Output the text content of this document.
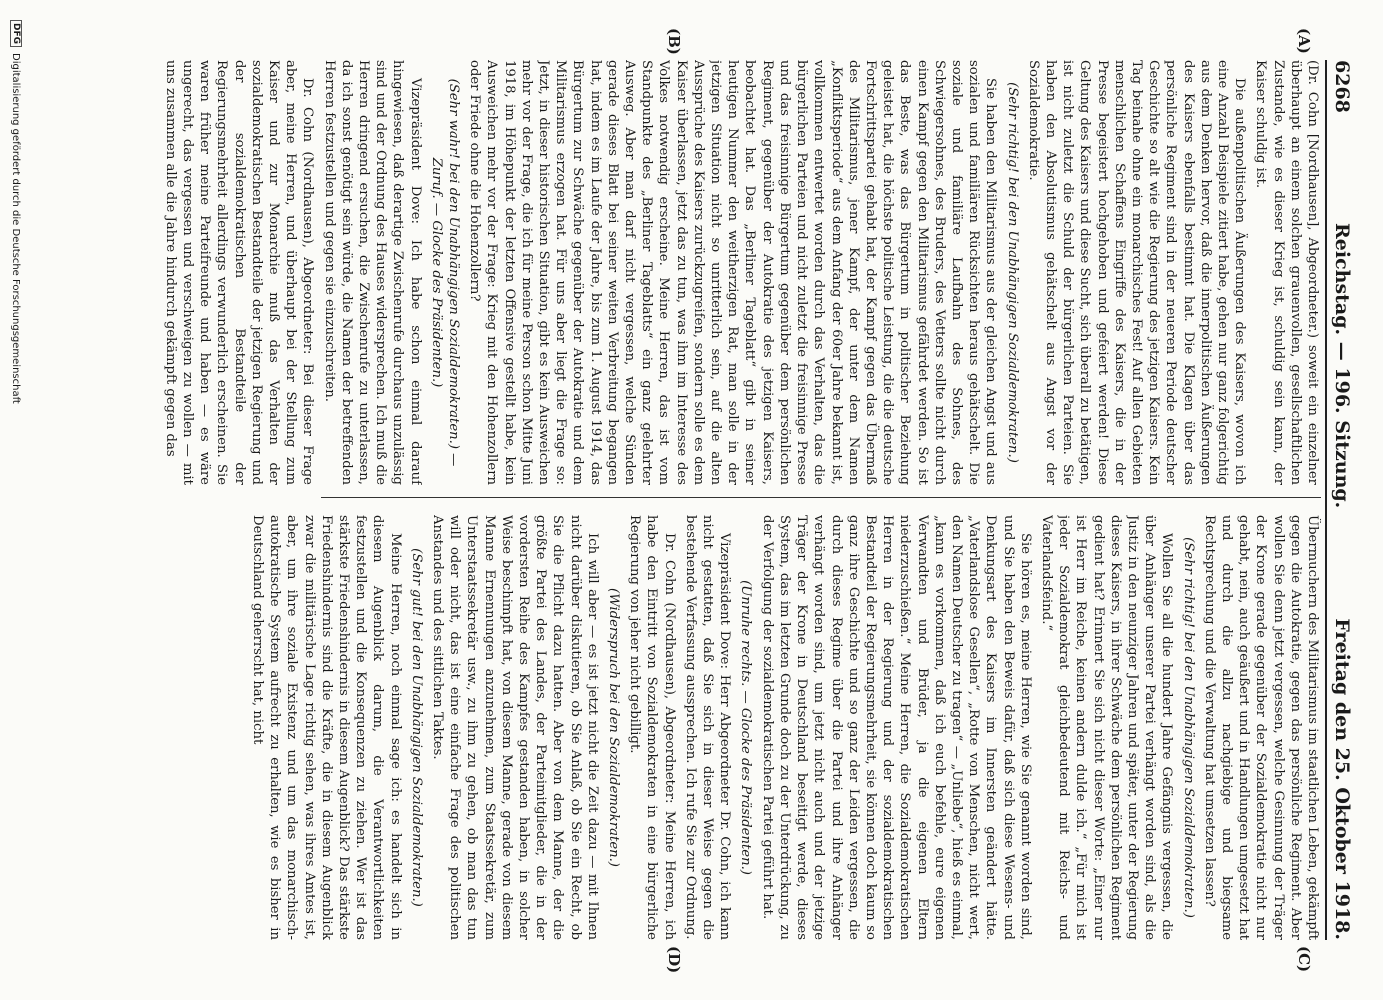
6268
Reichstag. — 196. Sitzung.
Freitag den 25. Oktober 1918.
(A)
(B)
(C)
(D)

(Dr. Cohn [Nordhausen], Abgeordneter.) soweit ein einzelner überhaupt an einem solchen grauenvollen, gesellschaftlichen Zustande, wie es dieser Krieg ist, schuldig sein kann, der Kaiser schuldig ist.

Die außenpolitischen Äußerungen des Kaisers, wovon ich eine Anzahl Beispiele zitiert habe, gehen nur ganz folgerichtig aus dem Denken hervor, daß die innerpolitischen Äußerungen des Kaisers ebenfalls bestimmt hat. Die Klagen über das persönliche Regiment sind in der neueren Periode deutscher Geschichte so alt wie die Regierung des jetzigen Kaisers. Kein Tag beinahe ohne ein monarchisches Fest! Auf allen Gebieten menschlichen Schaffens Eingriffe des Kaisers, die in der Presse begeistert hochgehoben und gefeiert werden! Diese Geltung des Kaisers und diese Sucht, sich überall zu betätigen, ist nicht zuletzt die Schuld der bürgerlichen Parteien. Sie haben den Absolutismus gehätschelt aus Angst vor der Sozialdemokratie.

(Sehr richtig! bei den Unabhängigen Sozialdemokraten.)

Sie haben den Militarismus aus der gleichen Angst und aus sozialen und familiären Rücksichten heraus gehätschelt. Die soziale und familiäre Laufbahn des Sohnes, des Schwiegersohnes, des Bruders, des Vetters sollte nicht durch einen Kampf gegen den Militarismus gefährdet werden. So ist das Beste, was das Bürgertum in politischer Beziehung geleistet hat, die höchste politische Leistung, die die deutsche Fortschrittspartei gehabt hat, der Kampf gegen das Übermaß des Militarismus, jener Kampf, der unter dem Namen „Konfliktsperiode“ aus dem Anfang der 60er Jahre bekannt ist, vollkommen entwertet worden durch das Verhalten, das die bürgerlichen Parteien und nicht zuletzt die freisinnige Presse und das freisinnige Bürgertum gegenüber dem persönlichen Regiment, gegenüber der Autokratie des jetzigen Kaisers, beobachtet hat. Das „Berliner Tageblatt“ gibt in seiner heutigen Nummer den weitherzigen Rat, man solle in der jetzigen Situation nicht so unritterlich sein, auf die alten Aussprüche des Kaisers zurückzugreifen, sondern solle es dem Kaiser überlassen, jetzt das zu tun, was ihm im Interesse des Volkes notwendig erscheine. Meine Herren, das ist vom Standpunkte des „Berliner Tageblatts“ ein ganz gelehrter Ausweg. Aber man darf nicht vergessen, welche Sünden gerade dieses Blatt bei seiner weiten Verbreitung begangen hat, indem es im Laufe der Jahre, bis zum 1. August 1914, das Bürgertum zur Schwäche gegenüber der Autokratie und dem Militarismus erzogen hat. Für uns aber liegt die Frage so: Jetzt, in dieser historischen Situation, gibt es kein Ausweichen mehr vor der Frage, die ich für meine Person schon Mitte Juni 1918, im Höhepunkt der letzten Offensive gestellt habe, kein Ausweichen mehr vor der Frage: Krieg mit den Hohenzollern oder Friede ohne die Hohenzollern?

(Sehr wahr! bei den Unabhängigen Sozialdemokraten.) — Zuruf. — Glocke des Präsidenten.)

Vizepräsident Dove: Ich habe schon einmal darauf hingewiesen, daß derartige Zwischenrufe durchaus unzulässig sind und der Ordnung des Hauses widersprechen. Ich muß die Herren dringend ersuchen, die Zwischenrufe zu unterlassen, da ich sonst genötigt sein würde, die Namen der betreffenden Herren festzustellen und gegen sie einzuschreiten.

Dr. Cohn (Nordhausen), Abgeordneter: Bei dieser Frage aber, meine Herren, und überhaupt bei der Stellung zum Kaiser und zur Monarchie muß das Verhalten der sozialdemokratischen Bestandteile der jetzigen Regierung und der sozialdemokratischen Bestandteile der Regierungsmehrheit allerdings verwunderlich erscheinen. Sie waren früher meine Parteifreunde und haben — es wäre ungerecht, das vergessen und verschweigen zu wollen — mit uns zusammen alle die Jahre hindurch gekämpft gegen das

Übermuchern des Militarismus im staatlichen Leben, gekämpft gegen die Autokratie, gegen das persönliche Regiment. Aber wollen Sie denn jetzt vergessen, welche Gesinnung der Träger der Krone gerade gegenüber der Sozialdemokratie nicht nur gehabt, nein, auch geäußert und in Handlungen umgesetzt hat und durch die allzu nachgiebige und biegsame Rechtsprechung und die Verwaltung hat umsetzen lassen?

(Sehr richtig! bei den Unabhängigen Sozialdemokraten.)

Wollen Sie all die hundert Jahre Gefängnis vergessen, die über Anhänger unserer Partei verhängt worden sind, als die Justiz in den neunziger Jahren und später, unter der Regierung dieses Kaisers, in ihrer Schwäche dem persönlichen Regiment gedient hat? Erinnert Sie sich nicht dieser Worte: „Einer nur ist Herr im Reiche, keinen andern dulde ich.“ „Für mich ist jeder Sozialdemokrat gleichbedeutend mit Reichs- und Vaterlandsfeind.“

Sie hören es, meine Herren, wie Sie genannt worden sind, und Sie haben den Beweis dafür, daß sich diese Wesens- und Denkungsart des Kaisers im Innersten geändert hätte. „Vaterlandslose Gesellen“, „Rotte von Menschen, nicht wert, den Namen Deutscher zu tragen“ — „Unliebe“, hieß es einmal, „kann es vorkommen, daß ich euch befehle, eure eigenen Verwandten und Brüder, ja die eigenen Eltern niederzuschießen.“ Meine Herren, die Sozialdemokratischen Herren in der Regierung und der sozialdemokratischen Bestandteil der Regierungsmehrheit, sie können doch kaum so ganz ihre Geschichte und so ganz der Leiden vergessen, die durch dieses Regime über die Partei und ihre Anhänger verhängt worden sind, um jetzt nicht auch und der jetzige Träger der Krone in Deutschland beseitigt werde, dieses System, das im letzten Grunde doch zu der Unterdrückung, zu der Verfolgung der sozialdemokratischen Partei geführt hat.

(Unruhe rechts. — Glocke des Präsidenten.)

Vizepräsident Dove: Herr Abgeordneter Dr. Cohn, ich kann nicht gestatten, daß Sie sich in dieser Weise gegen die bestehende Verfassung aussprechen. Ich rufe Sie zur Ordnung.

Dr. Cohn (Nordhausen), Abgeordneter: Meine Herren, ich habe den Eintritt von Sozialdemokraten in eine bürgerliche Regierung von jeher nicht gebilligt.

(Widerspruch bei den Sozialdemokraten.)

Ich will aber — es ist jetzt nicht die Zeit dazu — mit Ihnen nicht darüber diskutieren, ob Sie Anlaß, ob Sie ein Recht, ob Sie die Pflicht dazu hatten. Aber von dem Manne, der die größte Partei des Landes, der Parteimitglieder, die in der vordersten Reihe des Kampfes gestanden haben, in solcher Weise beschimpft hat, von diesem Manne, gerade von diesem Manne Ernennungen anzunehmen, zum Staatssekretär, zum Unterstaatssekretär usw., zu ihm zu gehen, ob man das tun will oder nicht, das ist eine einfache Frage des politischen Anstandes und des sittlichen Taktes.

(Sehr gut! bei den Unabhängigen Sozialdemokraten.)

Meine Herren, noch einmal sage ich: es handelt sich in diesem Augenblick darum, die Verantwortlichkeiten festzustellen und die Konsequenzen zu ziehen. Wer ist das stärkste Friedenshindernis in diesem Augenblick? Das stärkste Friedenshindernis sind die Kräfte, die in diesem Augenblick zwar die militärische Lage richtig sehen, was ihres Amtes ist, aber, um ihre soziale Existenz und um das monarchisch-autokratische System aufrecht zu erhalten, wie es bisher in Deutschland geherrscht hat, nicht

DFG
Digitalisierung gefördert durch die Deutsche Forschungsgemeinschaft
